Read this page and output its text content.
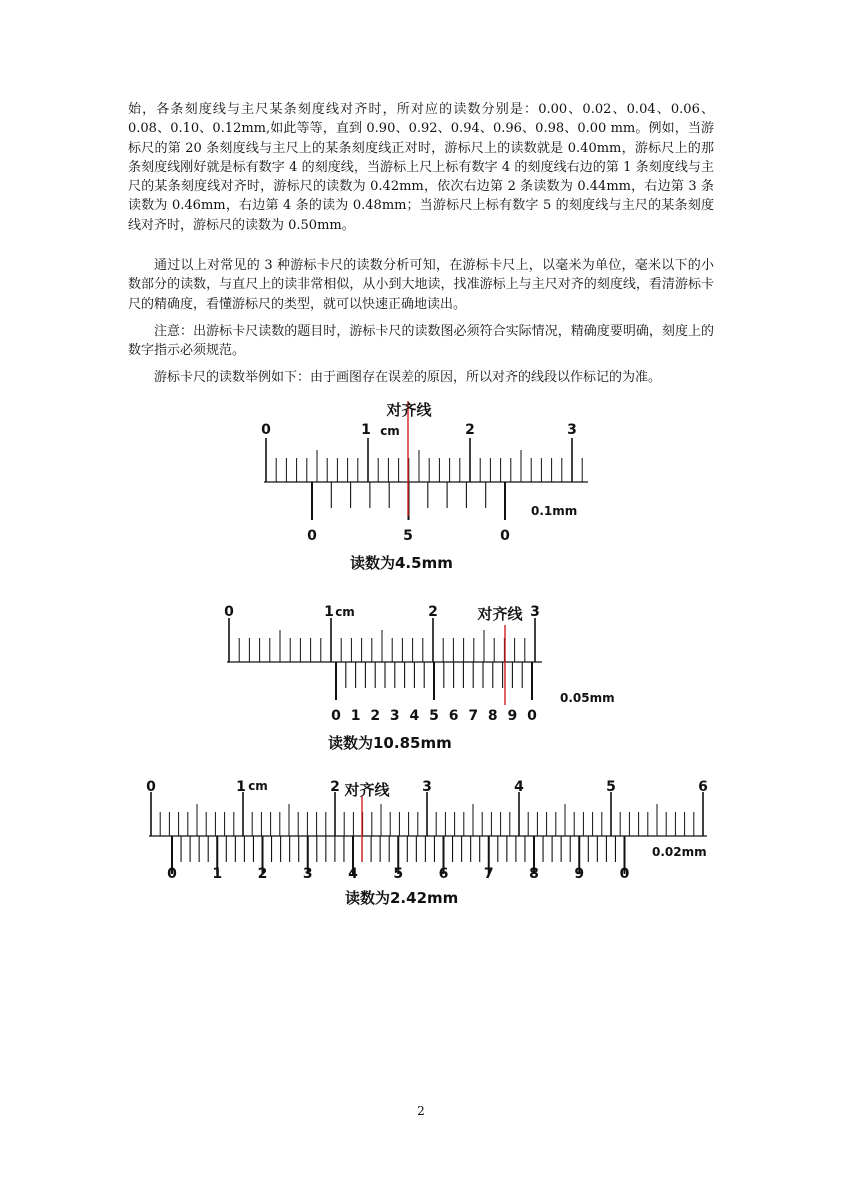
始，各条刻度线与主尺某条刻度线对齐时，所对应的读数分别是：0.00、0.02、0.04、0.06、0.08、0.10、0.12mm,如此等等，直到 0.90、0.92、0.94、0.96、0.98、0.00 mm。例如，当游标尺的第 20 条刻度线与主尺上的某条刻度线正对时，游标尺上的读数就是 0.40mm，游标尺上的那条刻度线刚好就是标有数字 4 的刻度线，当游标上尺上标有数字 4 的刻度线右边的第 1 条刻度线与主尺的某条刻度线对齐时，游标尺的读数为 0.42mm，依次右边第 2 条读数为 0.44mm，右边第 3 条读数为 0.46mm，右边第 4 条的读为 0.48mm；当游标尺上标有数字 5 的刻度线与主尺的某条刻度线对齐时，游标尺的读数为 0.50mm。

通过以上对常见的 3 种游标卡尺的读数分析可知，在游标卡尺上，以毫米为单位，毫米以下的小数部分的读数，与直尺上的读非常相似，从小到大地读，找准游标上与主尺对齐的刻度线，看清游标卡尺的精确度，看懂游标尺的类型，就可以快速正确地读出。

注意：出游标卡尺读数的题目时，游标卡尺的读数图必须符合实际情况，精确度要明确，刻度上的数字指示必须规范。

游标卡尺的读数举例如下：由于画图存在误差的原因，所以对齐的线段以作标记的为准。

0	1	2	3
cm
0	5	0
对齐线
0.1mm
读数为4.5mm
0	1	2	3
cm
0 1 2 3 4 5 6 7 8 9 0
对齐线
0.05mm
读数为10.85mm
0	1	2	3	4	5	6
cm
0	1	2	3	4	5	6	7	8	9	0
对齐线
0.02mm
读数为2.42mm
2
